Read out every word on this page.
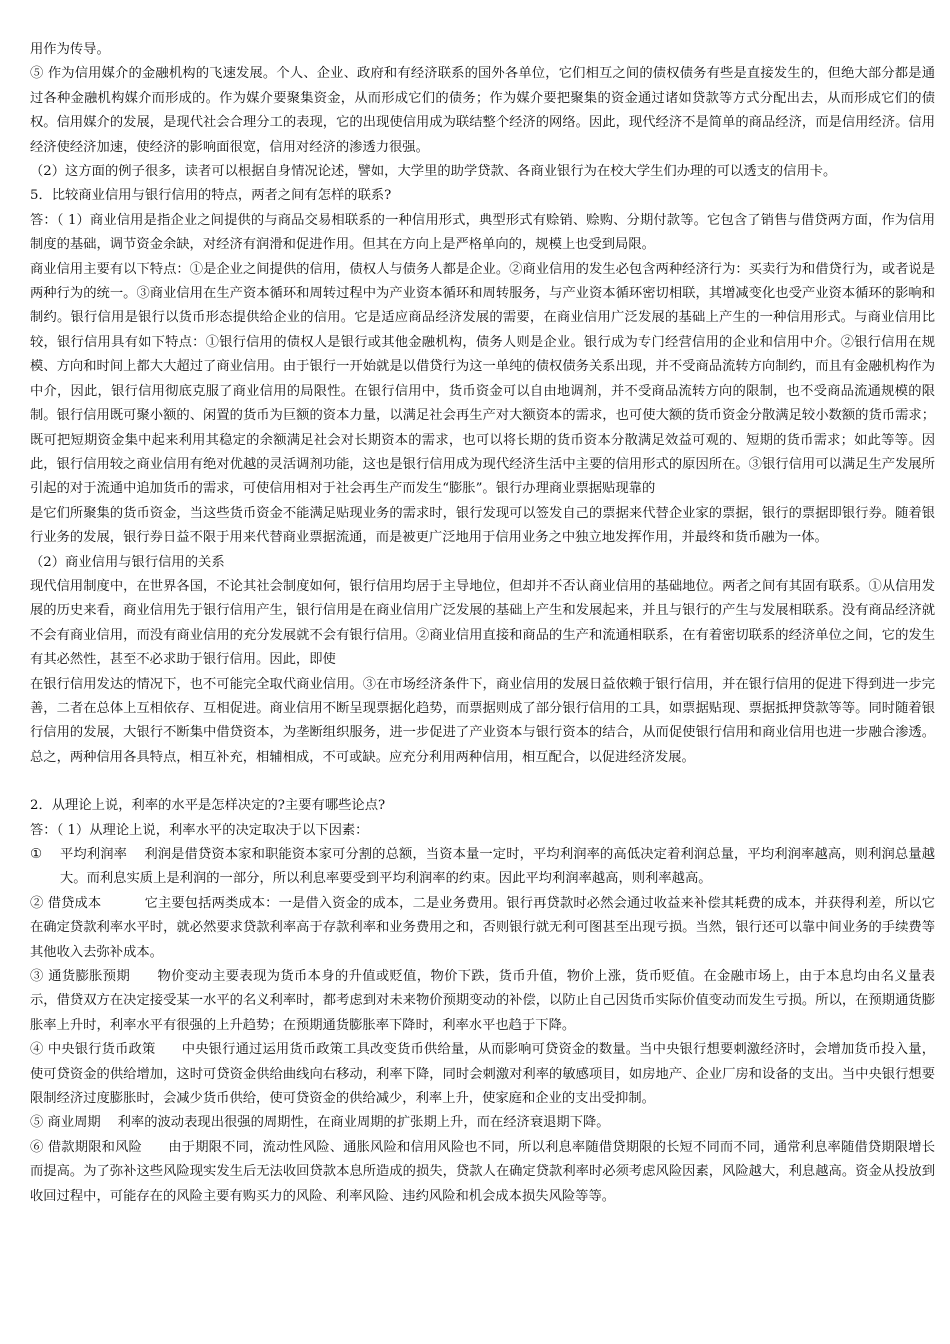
用作为传导。

⑤ 作为信用媒介的金融机构的飞速发展。个人、企业、政府和有经济联系的国外各单位，它们相互之间的债权债务有些是直接发生的，但绝大部分都是通过各种金融机构媒介而形成的。作为媒介要聚集资金，从而形成它们的债务；作为媒介要把聚集的资金通过诸如贷款等方式分配出去，从而形成它们的债权。信用媒介的发展，是现代社会合理分工的表现，它的出现使信用成为联结整个经济的网络。因此，现代经济不是简单的商品经济，而是信用经济。信用经济使经济加速，使经济的影响面很宽，信用对经济的渗透力很强。

（2）这方面的例子很多，读者可以根据自身情况论述，譬如，大学里的助学贷款、各商业银行为在校大学生们办理的可以透支的信用卡。

5．比较商业信用与银行信用的特点，两者之间有怎样的联系?

答：（ 1）商业信用是指企业之间提供的与商品交易相联系的一种信用形式，典型形式有赊销、赊购、分期付款等。它包含了销售与借贷两方面，作为信用制度的基础，调节资金余缺，对经济有润滑和促进作用。但其在方向上是严格单向的，规模上也受到局限。

商业信用主要有以下特点：①是企业之间提供的信用，债权人与债务人都是企业。②商业信用的发生必包含两种经济行为：买卖行为和借贷行为，或者说是两种行为的统一。③商业信用在生产资本循环和周转过程中为产业资本循环和周转服务，与产业资本循环密切相联，其增减变化也受产业资本循环的影响和制约。银行信用是银行以货币形态提供给企业的信用。它是适应商品经济发展的需要，在商业信用广泛发展的基础上产生的一种信用形式。与商业信用比较，银行信用具有如下特点：①银行信用的债权人是银行或其他金融机构，债务人则是企业。银行成为专门经营信用的企业和信用中介。②银行信用在规模、方向和时间上都大大超过了商业信用。由于银行一开始就是以借贷行为这一单纯的债权债务关系出现，并不受商品流转方向制约，而且有金融机构作为中介，因此，银行信用彻底克服了商业信用的局限性。在银行信用中，货币资金可以自由地调剂，并不受商品流转方向的限制，也不受商品流通规模的限制。银行信用既可聚小额的、闲置的货币为巨额的资本力量，以满足社会再生产对大额资本的需求，也可使大额的货币资金分散满足较小数额的货币需求；既可把短期资金集中起来利用其稳定的余额满足社会对长期资本的需求，也可以将长期的货币资本分散满足效益可观的、短期的货币需求；如此等等。因此，银行信用较之商业信用有绝对优越的灵活调剂功能，这也是银行信用成为现代经济生活中主要的信用形式的原因所在。③银行信用可以满足生产发展所引起的对于流通中追加货币的需求，可使信用相对于社会再生产而发生“膨胀”。银行办理商业票据贴现靠的

是它们所聚集的货币资金，当这些货币资金不能满足贴现业务的需求时，银行发现可以签发自己的票据来代替企业家的票据，银行的票据即银行券。随着银行业务的发展，银行券日益不限于用来代替商业票据流通，而是被更广泛地用于信用业务之中独立地发挥作用，并最终和货币融为一体。

（2）商业信用与银行信用的关系

现代信用制度中，在世界各国，不论其社会制度如何，银行信用均居于主导地位，但却并不否认商业信用的基础地位。两者之间有其固有联系。①从信用发展的历史来看，商业信用先于银行信用产生，银行信用是在商业信用广泛发展的基础上产生和发展起来，并且与银行的产生与发展相联系。没有商品经济就不会有商业信用，而没有商业信用的充分发展就不会有银行信用。②商业信用直接和商品的生产和流通相联系，在有着密切联系的经济单位之间，它的发生有其必然性，甚至不必求助于银行信用。因此，即使

在银行信用发达的情况下，也不可能完全取代商业信用。③在市场经济条件下，商业信用的发展日益依赖于银行信用，并在银行信用的促进下得到进一步完善，二者在总体上互相依存、互相促进。商业信用不断呈现票据化趋势，而票据则成了部分银行信用的工具，如票据贴现、票据抵押贷款等等。同时随着银行信用的发展，大银行不断集中借贷资本，为垄断组织服务，进一步促进了产业资本与银行资本的结合，从而促使银行信用和商业信用也进一步融合渗透。总之，两种信用各具特点，相互补充，相辅相成，不可或缺。应充分利用两种信用，相互配合，以促进经济发展。

2．从理论上说，利率的水平是怎样决定的?主要有哪些论点?

答：（ 1）从理论上说，利率水平的决定取决于以下因素：

①	平均利润率    利润是借贷资本家和职能资本家可分割的总额，当资本量一定时，平均利润率的高低决定着利润总量，平均利润率越高，则利润总量越大。而利息实质上是利润的一部分，所以利息率要受到平均利润率的约束。因此平均利润率越高，则利率越高。

② 借贷成本          它主要包括两类成本：一是借入资金的成本，二是业务费用。银行再贷款时必然会通过收益来补偿其耗费的成本，并获得利差，所以它在确定贷款利率水平时，就必然要求贷款利率高于存款利率和业务费用之和，否则银行就无利可图甚至出现亏损。当然，银行还可以靠中间业务的手续费等其他收入去弥补成本。

③ 通货膨胀预期      物价变动主要表现为货币本身的升值或贬值，物价下跌，货币升值，物价上涨，货币贬值。在金融市场上，由于本息均由名义量表示，借贷双方在决定接受某一水平的名义利率时，都考虑到对未来物价预期变动的补偿，以防止自己因货币实际价值变动而发生亏损。所以，在预期通货膨胀率上升时，利率水平有很强的上升趋势；在预期通货膨胀率下降时，利率水平也趋于下降。

④ 中央银行货币政策      中央银行通过运用货币政策工具改变货币供给量，从而影响可贷资金的数量。当中央银行想要刺激经济时，会增加货币投入量，使可贷资金的供给增加，这时可贷资金供给曲线向右移动，利率下降，同时会刺激对利率的敏感项目，如房地产、企业厂房和设备的支出。当中央银行想要限制经济过度膨胀时，会减少货币供给，使可贷资金的供给减少，利率上升，使家庭和企业的支出受抑制。

⑤ 商业周期    利率的波动表现出很强的周期性，在商业周期的扩张期上升，而在经济衰退期下降。

⑥ 借款期限和风险      由于期限不同，流动性风险、通胀风险和信用风险也不同，所以利息率随借贷期限的长短不同而不同，通常利息率随借贷期限增长而提高。为了弥补这些风险现实发生后无法收回贷款本息所造成的损失，贷款人在确定贷款利率时必须考虑风险因素，风险越大，利息越高。资金从投放到收回过程中，可能存在的风险主要有购买力的风险、利率风险、违约风险和机会成本损失风险等等。
